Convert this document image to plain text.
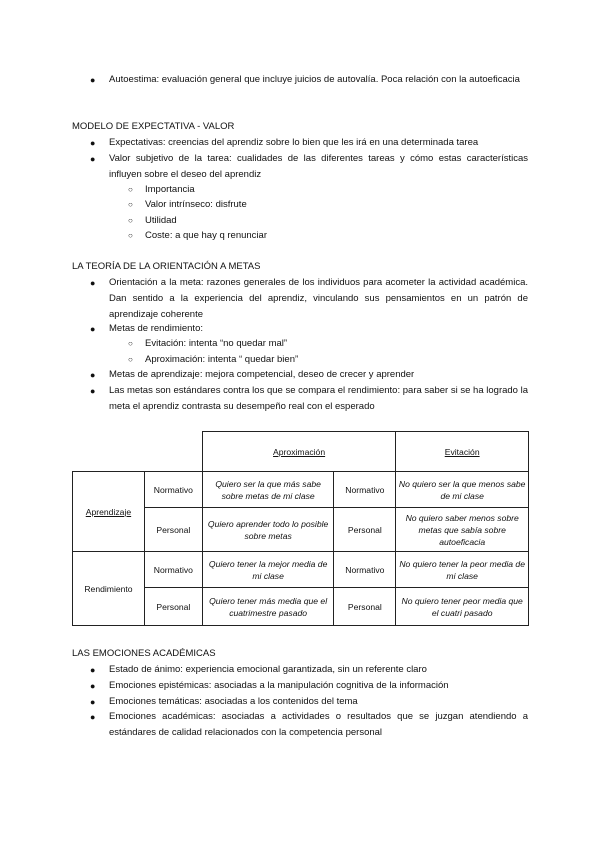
●	Autoestima: evaluación general que incluye juicios de autovalía. Poca relación con la autoeficacia
MODELO DE EXPECTATIVA - VALOR
●	Expectativas: creencias del aprendiz sobre lo bien que les irá en una determinada tarea
●	Valor subjetivo de la tarea: cualidades de las diferentes tareas y cómo estas características influyen sobre el deseo del aprendiz
○ Importancia
○ Valor intrínseco: disfrute
○ Utilidad
○ Coste: a que hay q renunciar
LA TEORÍA DE LA ORIENTACIÓN A METAS
●	Orientación a la meta: razones generales de los individuos para acometer la actividad académica. Dan sentido a la experiencia del aprendiz, vinculando sus pensamientos en un patrón de aprendizaje coherente
●	Metas de rendimiento:
○ Evitación: intenta “no quedar mal”
○ Aproximación: intenta “ quedar bien”
●	Metas de aprendizaje: mejora competencial, deseo de crecer y aprender
●	Las metas son estándares contra los que se compara el rendimiento: para saber si se ha logrado la meta el aprendiz contrasta su desempeño real con el esperado
		Aproximación		Evitación
Aprendizaje	Normativo	Quiero ser la que más sabe sobre metas de mi clase	Normativo	No quiero ser la que menos sabe de mi clase
	Personal	Quiero aprender todo lo posible sobre metas	Personal	No quiero saber menos sobre metas que sabía sobre autoeficacia
Rendimiento	Normativo	Quiero tener la mejor media de mi clase	Normativo	No quiero tener la peor media de mi clase
	Personal	Quiero tener más media que el cuatrimestre pasado	Personal	No quiero tener peor media que el cuatri pasado
LAS EMOCIONES ACADÉMICAS
●	Estado de ánimo: experiencia emocional garantizada, sin un referente claro
●	Emociones epistémicas: asociadas a la manipulación cognitiva de la información
●	Emociones temáticas: asociadas a los contenidos del tema
●	Emociones académicas: asociadas a actividades o resultados que se juzgan atendiendo a estándares de calidad relacionados con la competencia personal
